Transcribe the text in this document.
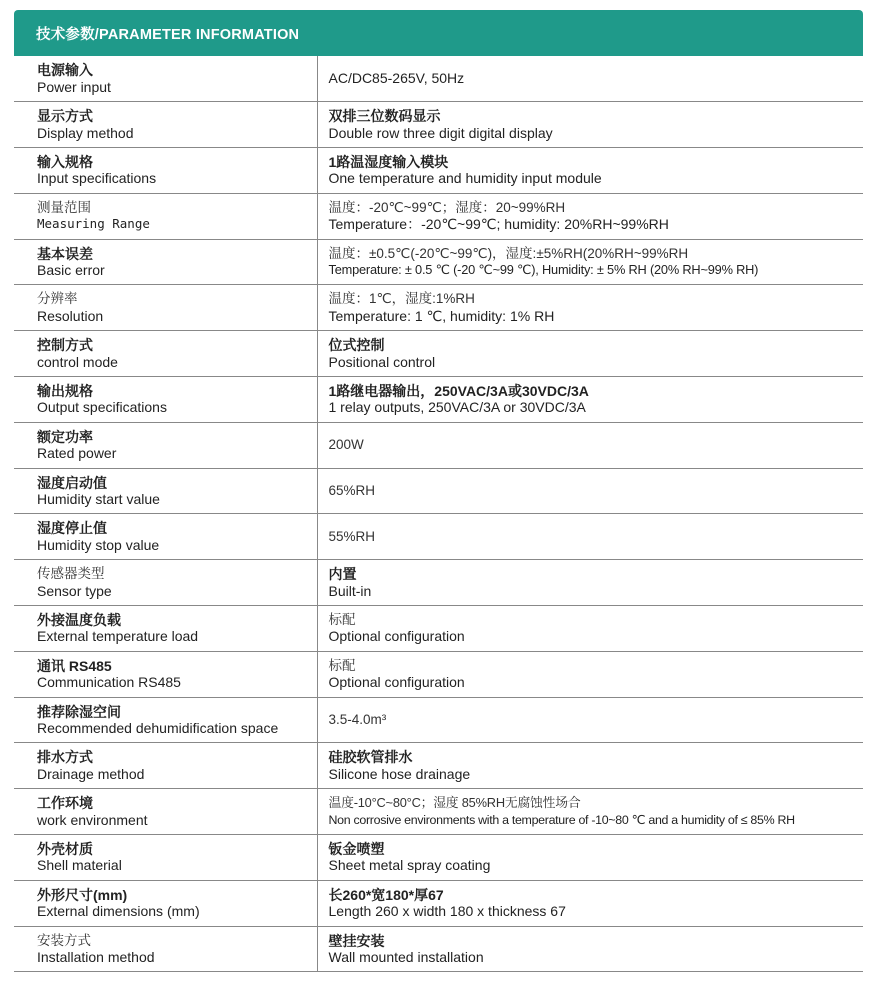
技术参数/PARAMETER INFORMATION
电源输入
Power input	AC/DC85-265V, 50Hz

显示方式
Display method	双排三位数码显示
Double row three digit digital display

输入规格
Input specifications	1路温湿度输入模块
One temperature and humidity input module

测量范围
Measuring Range	温度：-20℃~99℃；湿度：20~99%RH
Temperature：-20℃~99℃; humidity: 20%RH~99%RH

基本误差
Basic error	温度：±0.5℃(-20℃~99℃)，湿度:±5%RH(20%RH~99%RH
Temperature: ± 0.5 ℃ (-20 ℃~99 ℃), Humidity: ± 5% RH (20% RH~99% RH)

分辨率
Resolution	温度：1℃，湿度:1%RH
Temperature: 1 ℃, humidity: 1% RH

控制方式
control mode	位式控制
Positional control

输出规格
Output specifications	1路继电器输出，250VAC/3A或30VDC/3A
1 relay outputs, 250VAC/3A or 30VDC/3A

额定功率
Rated power	200W

湿度启动值
Humidity start value	65%RH

湿度停止值
Humidity stop value	55%RH

传感器类型
Sensor type	内置
Built-in

外接温度负载
External temperature load	标配
Optional configuration

通讯 RS485
Communication RS485	标配
Optional configuration

推荐除湿空间
Recommended dehumidification space	3.5-4.0m³

排水方式
Drainage method	硅胶软管排水
Silicone hose drainage

工作环境
work environment	温度-10°C~80°C；湿度 85%RH无腐蚀性场合
Non corrosive environments with a temperature of -10~80 ℃ and a humidity of ≤ 85% RH

外壳材质
Shell material	钣金喷塑
Sheet metal spray coating

外形尺寸(mm)
External dimensions (mm)	长260*宽180*厚67
Length 260 x width 180 x thickness 67

安装方式
Installation method	壁挂安装
Wall mounted installation
